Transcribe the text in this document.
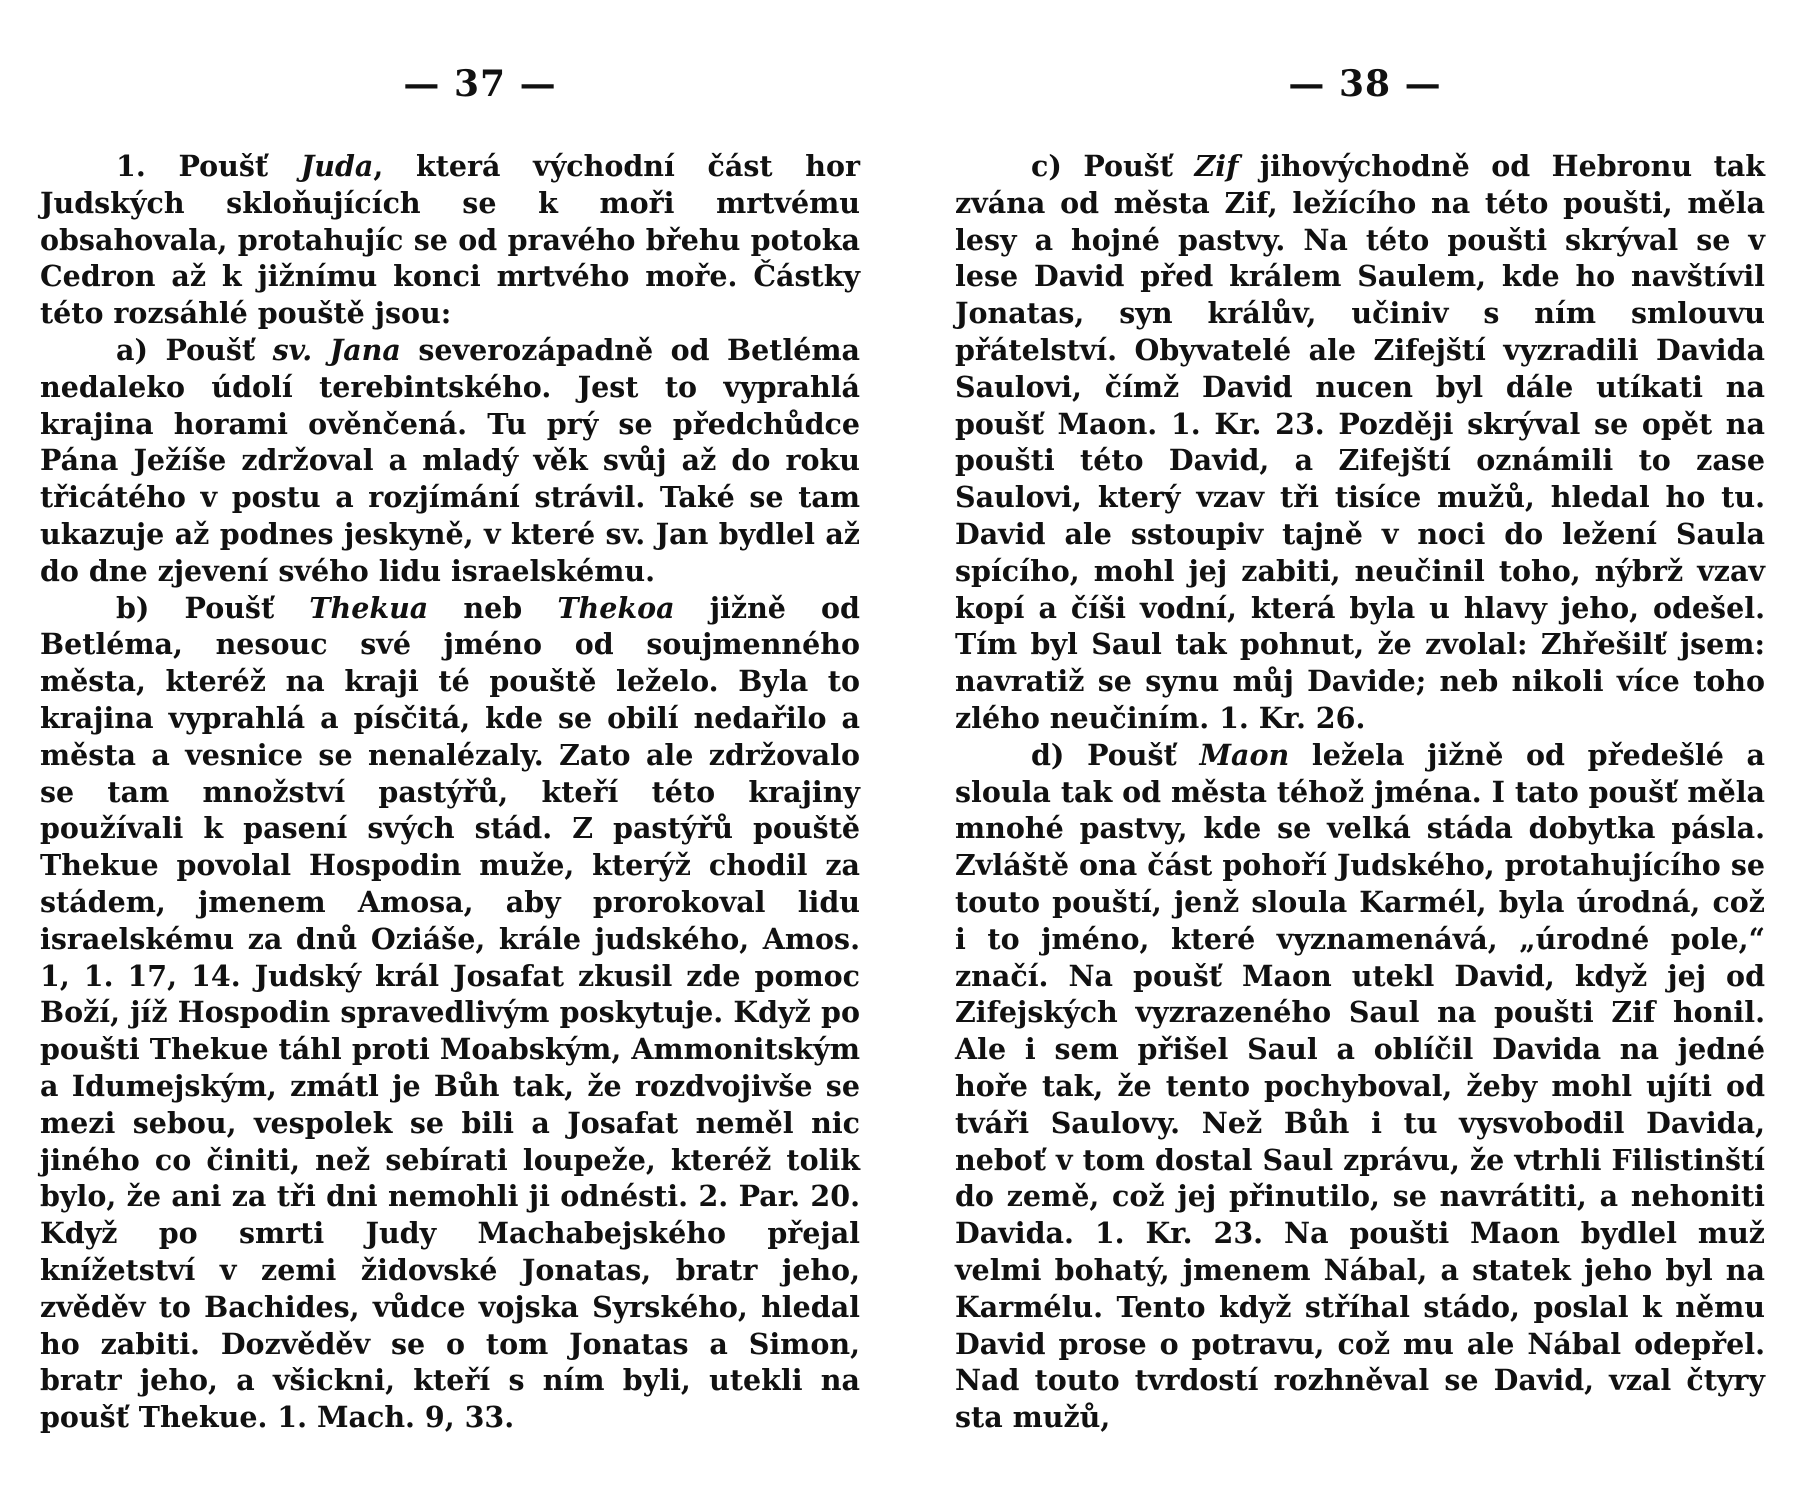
— 37 —

1. Poušť Juda, která východní část hor Judských skloňujících se k moři mrtvému obsahovala, protahujíc se od pravého břehu potoka Cedron až k jižnímu konci mrtvého moře. Částky této rozsáhlé pouště jsou:

a) Poušť sv. Jana severozápadně od Betléma nedaleko údolí terebintského. Jest to vyprahlá krajina horami ověnčená. Tu prý se předchůdce Pána Ježíše zdržoval a mladý věk svůj až do roku třicátého v postu a rozjímání strávil. Také se tam ukazuje až podnes jeskyně, v které sv. Jan bydlel až do dne zjevení svého lidu israelskému.

b) Poušť Thekua neb Thekoa jižně od Betléma, nesouc své jméno od soujmenného města, kteréž na kraji té pouště leželo. Byla to krajina vyprahlá a písčitá, kde se obilí nedařilo a města a vesnice se nenalézaly. Zato ale zdržovalo se tam množství pastýřů, kteří této krajiny používali k pasení svých stád. Z pastýřů pouště Thekue povolal Hospodin muže, kterýž chodil za stádem, jmenem Amosa, aby prorokoval lidu israelskému za dnů Oziáše, krále judského, Amos. 1, 1. 17, 14. Judský král Josafat zkusil zde pomoc Boží, jíž Hospodin spravedlivým poskytuje. Když po poušti Thekue táhl proti Moabským, Ammonitským a Idumejským, zmátl je Bůh tak, že rozdvojivše se mezi sebou, vespolek se bili a Josafat neměl nic jiného co činiti, než sebírati loupeže, kteréž tolik bylo, že ani za tři dni nemohli ji odnésti. 2. Par. 20. Když po smrti Judy Machabejského přejal knížetství v zemi židovské Jonatas, bratr jeho, zvěděv to Bachides, vůdce vojska Syrského, hledal ho zabiti. Dozvěděv se o tom Jonatas a Simon, bratr jeho, a všickni, kteří s ním byli, utekli na poušť Thekue. 1. Mach. 9, 33.

— 38 —

c) Poušť Zif jihovýchodně od Hebronu tak zvána od města Zif, ležícího na této poušti, měla lesy a hojné pastvy. Na této poušti skrýval se v lese David před králem Saulem, kde ho navštívil Jonatas, syn králův, učiniv s ním smlouvu přátelství. Obyvatelé ale Zifejští vyzradili Davida Saulovi, čímž David nucen byl dále utíkati na poušť Maon. 1. Kr. 23. Později skrýval se opět na poušti této David, a Zifejští oznámili to zase Saulovi, který vzav tři tisíce mužů, hledal ho tu. David ale sstoupiv tajně v noci do ležení Saula spícího, mohl jej zabiti, neučinil toho, nýbrž vzav kopí a číši vodní, která byla u hlavy jeho, odešel. Tím byl Saul tak pohnut, že zvolal: Zhřešilť jsem: navratiž se synu můj Davide; neb nikoli více toho zlého neučiním. 1. Kr. 26.

d) Poušť Maon ležela jižně od předešlé a sloula tak od města téhož jména. I tato poušť měla mnohé pastvy, kde se velká stáda dobytka pásla. Zvláště ona část pohoří Judského, protahujícího se touto pouští, jenž sloula Karmél, byla úrodná, což i to jméno, které vyznamenává, „úrodné pole,“ značí. Na poušť Maon utekl David, když jej od Zifejských vyzrazeného Saul na poušti Zif honil. Ale i sem přišel Saul a oblíčil Davida na jedné hoře tak, že tento pochyboval, žeby mohl ujíti od tváři Saulovy. Než Bůh i tu vysvobodil Davida, neboť v tom dostal Saul zprávu, že vtrhli Filistinští do země, což jej přinutilo, se navrátiti, a nehoniti Davida. 1. Kr. 23. Na poušti Maon bydlel muž velmi bohatý, jmenem Nábal, a statek jeho byl na Karmélu. Tento když stříhal stádo, poslal k němu David prose o potravu, což mu ale Nábal odepřel. Nad touto tvrdostí rozhněval se David, vzal čtyry sta mužů,
